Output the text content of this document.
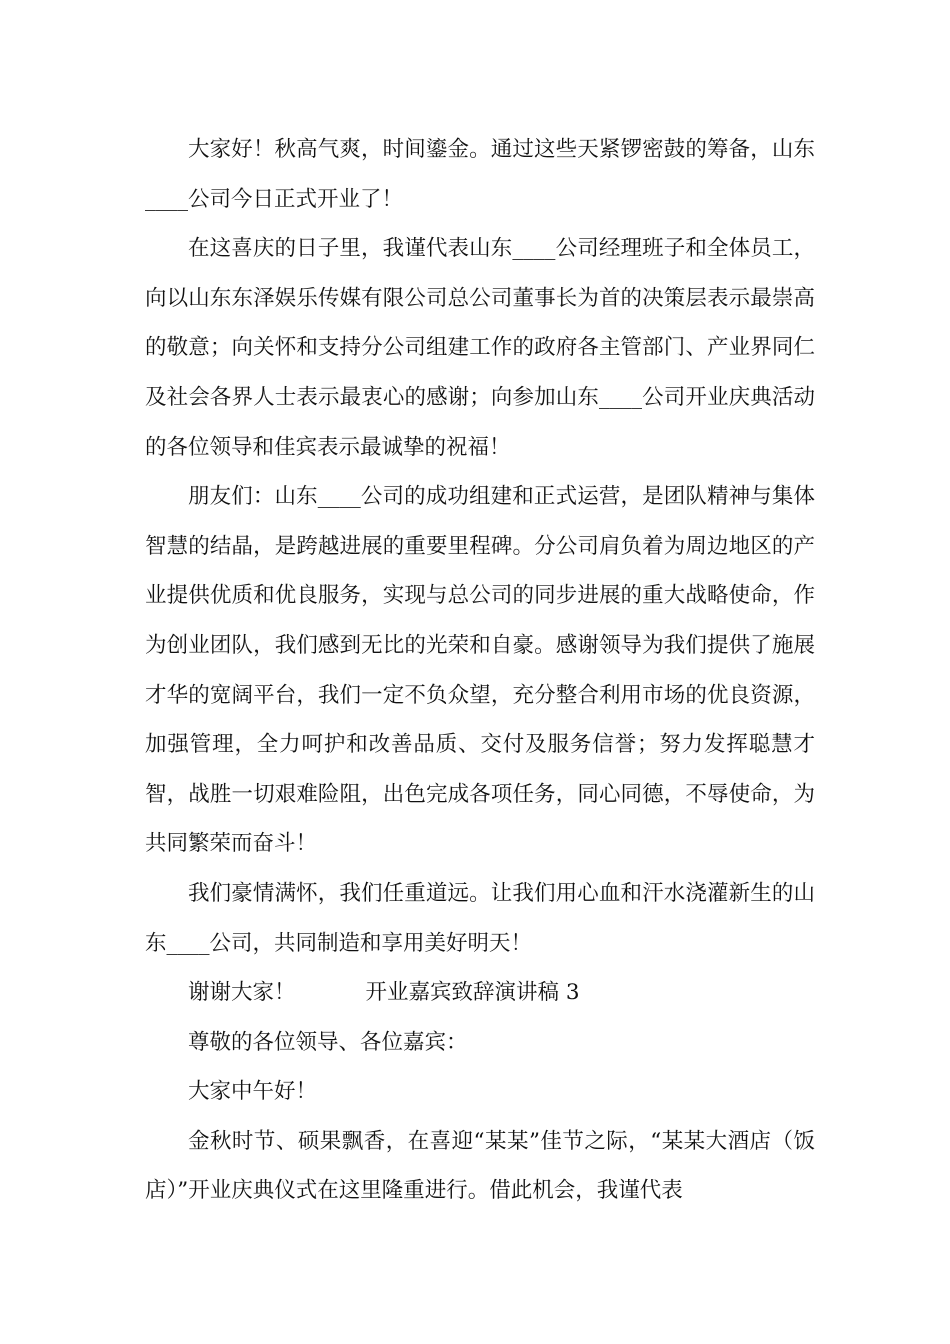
大家好！秋高气爽，时间鎏金。通过这些天紧锣密鼓的筹备，山东____公司今日正式开业了！

在这喜庆的日子里，我谨代表山东____公司经理班子和全体员工，向以山东东泽娱乐传媒有限公司总公司董事长为首的决策层表示最崇高的敬意；向关怀和支持分公司组建工作的政府各主管部门、产业界同仁及社会各界人士表示最衷心的感谢；向参加山东____公司开业庆典活动的各位领导和佳宾表示最诚挚的祝福！

朋友们：山东____公司的成功组建和正式运营，是团队精神与集体智慧的结晶，是跨越进展的重要里程碑。分公司肩负着为周边地区的产业提供优质和优良服务，实现与总公司的同步进展的重大战略使命，作为创业团队，我们感到无比的光荣和自豪。感谢领导为我们提供了施展才华的宽阔平台，我们一定不负众望，充分整合利用市场的优良资源，加强管理，全力呵护和改善品质、交付及服务信誉；努力发挥聪慧才智，战胜一切艰难险阻，出色完成各项任务，同心同德，不辱使命，为共同繁荣而奋斗！

我们豪情满怀，我们任重道远。让我们用心血和汗水浇灌新生的山东____公司，共同制造和享用美好明天！

谢谢大家！	开业嘉宾致辞演讲稿 3

尊敬的各位领导、各位嘉宾：

大家中午好！

金秋时节、硕果飘香，在喜迎“某某”佳节之际，“某某大酒店（饭店）”开业庆典仪式在这里隆重进行。借此机会，我谨代表
